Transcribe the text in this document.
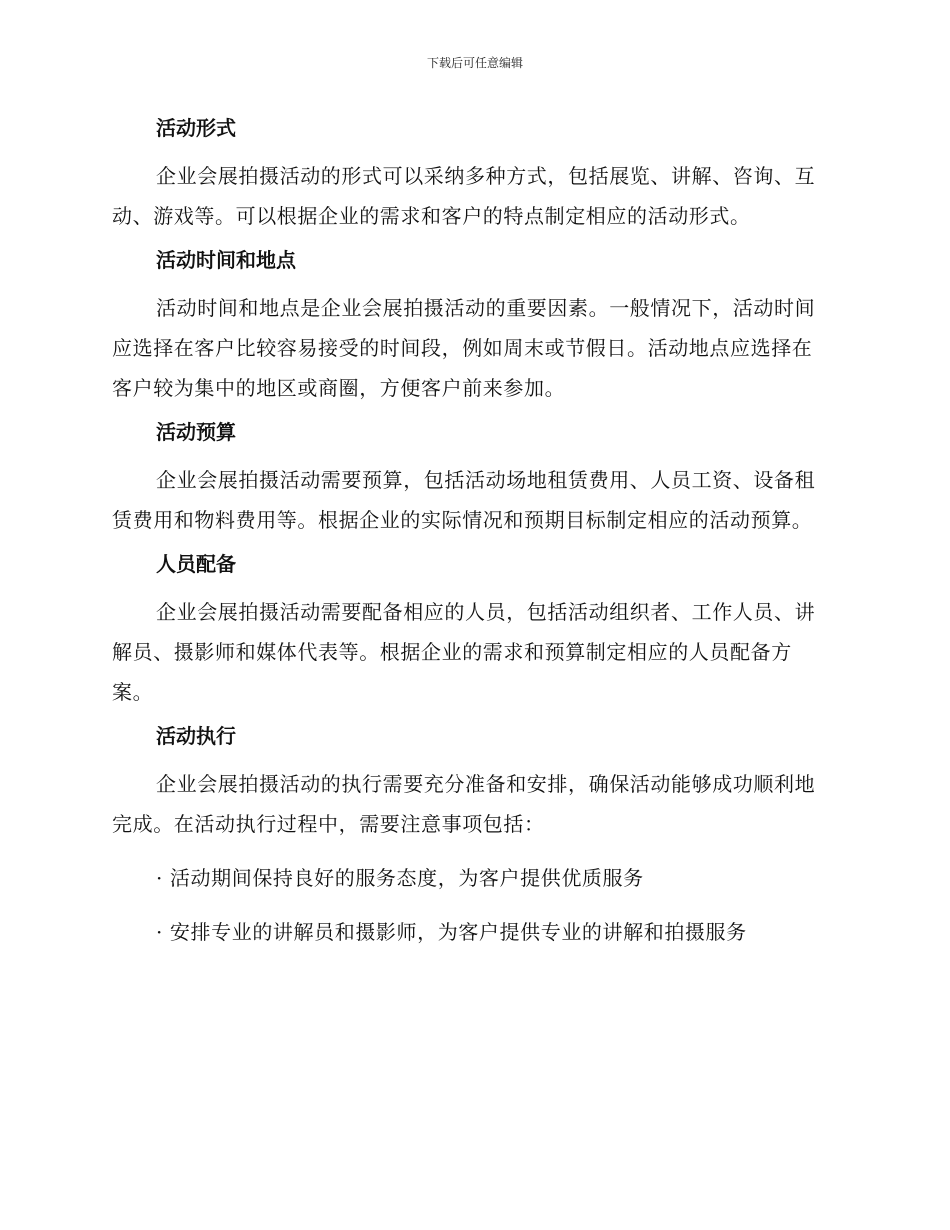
下载后可任意编辑
活动形式

企业会展拍摄活动的形式可以采纳多种方式，包括展览、讲解、咨询、互动、游戏等。可以根据企业的需求和客户的特点制定相应的活动形式。

活动时间和地点

活动时间和地点是企业会展拍摄活动的重要因素。一般情况下，活动时间应选择在客户比较容易接受的时间段，例如周末或节假日。活动地点应选择在客户较为集中的地区或商圈，方便客户前来参加。

活动预算

企业会展拍摄活动需要预算，包括活动场地租赁费用、人员工资、设备租赁费用和物料费用等。根据企业的实际情况和预期目标制定相应的活动预算。

人员配备

企业会展拍摄活动需要配备相应的人员，包括活动组织者、工作人员、讲解员、摄影师和媒体代表等。根据企业的需求和预算制定相应的人员配备方案。

活动执行

企业会展拍摄活动的执行需要充分准备和安排，确保活动能够成功顺利地完成。在活动执行过程中，需要注意事项包括：

· 活动期间保持良好的服务态度，为客户提供优质服务

· 安排专业的讲解员和摄影师，为客户提供专业的讲解和拍摄服务
